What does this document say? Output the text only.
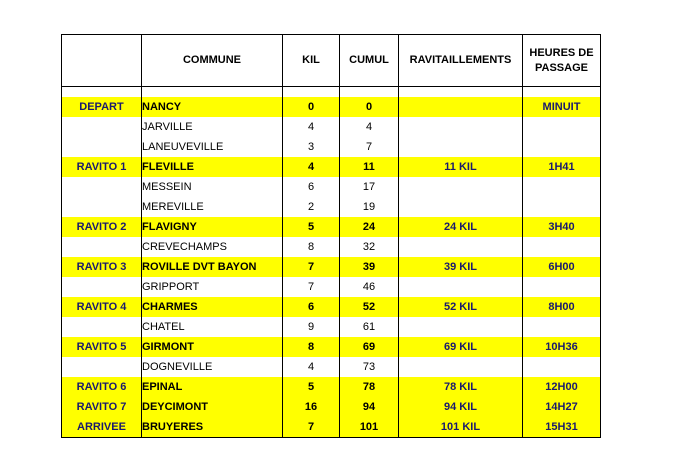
	COMMUNE	KIL	CUMUL	RAVITAILLEMENTS	HEURES DE PASSAGE

DEPART	NANCY	0	0		MINUIT
	JARVILLE	4	4		
	LANEUVEVILLE	3	7		
RAVITO 1	FLEVILLE	4	11	11 KIL	1H41
	MESSEIN	6	17		
	MEREVILLE	2	19		
RAVITO 2	FLAVIGNY	5	24	24 KIL	3H40
	CREVECHAMPS	8	32		
RAVITO 3	ROVILLE DVT BAYON	7	39	39 KIL	6H00
	GRIPPORT	7	46		
RAVITO 4	CHARMES	6	52	52 KIL	8H00
	CHATEL	9	61		
RAVITO 5	GIRMONT	8	69	69 KIL	10H36
	DOGNEVILLE	4	73		
RAVITO 6	EPINAL	5	78	78 KIL	12H00
RAVITO 7	DEYCIMONT	16	94	94 KIL	14H27
ARRIVEE	BRUYERES	7	101	101 KIL	15H31
